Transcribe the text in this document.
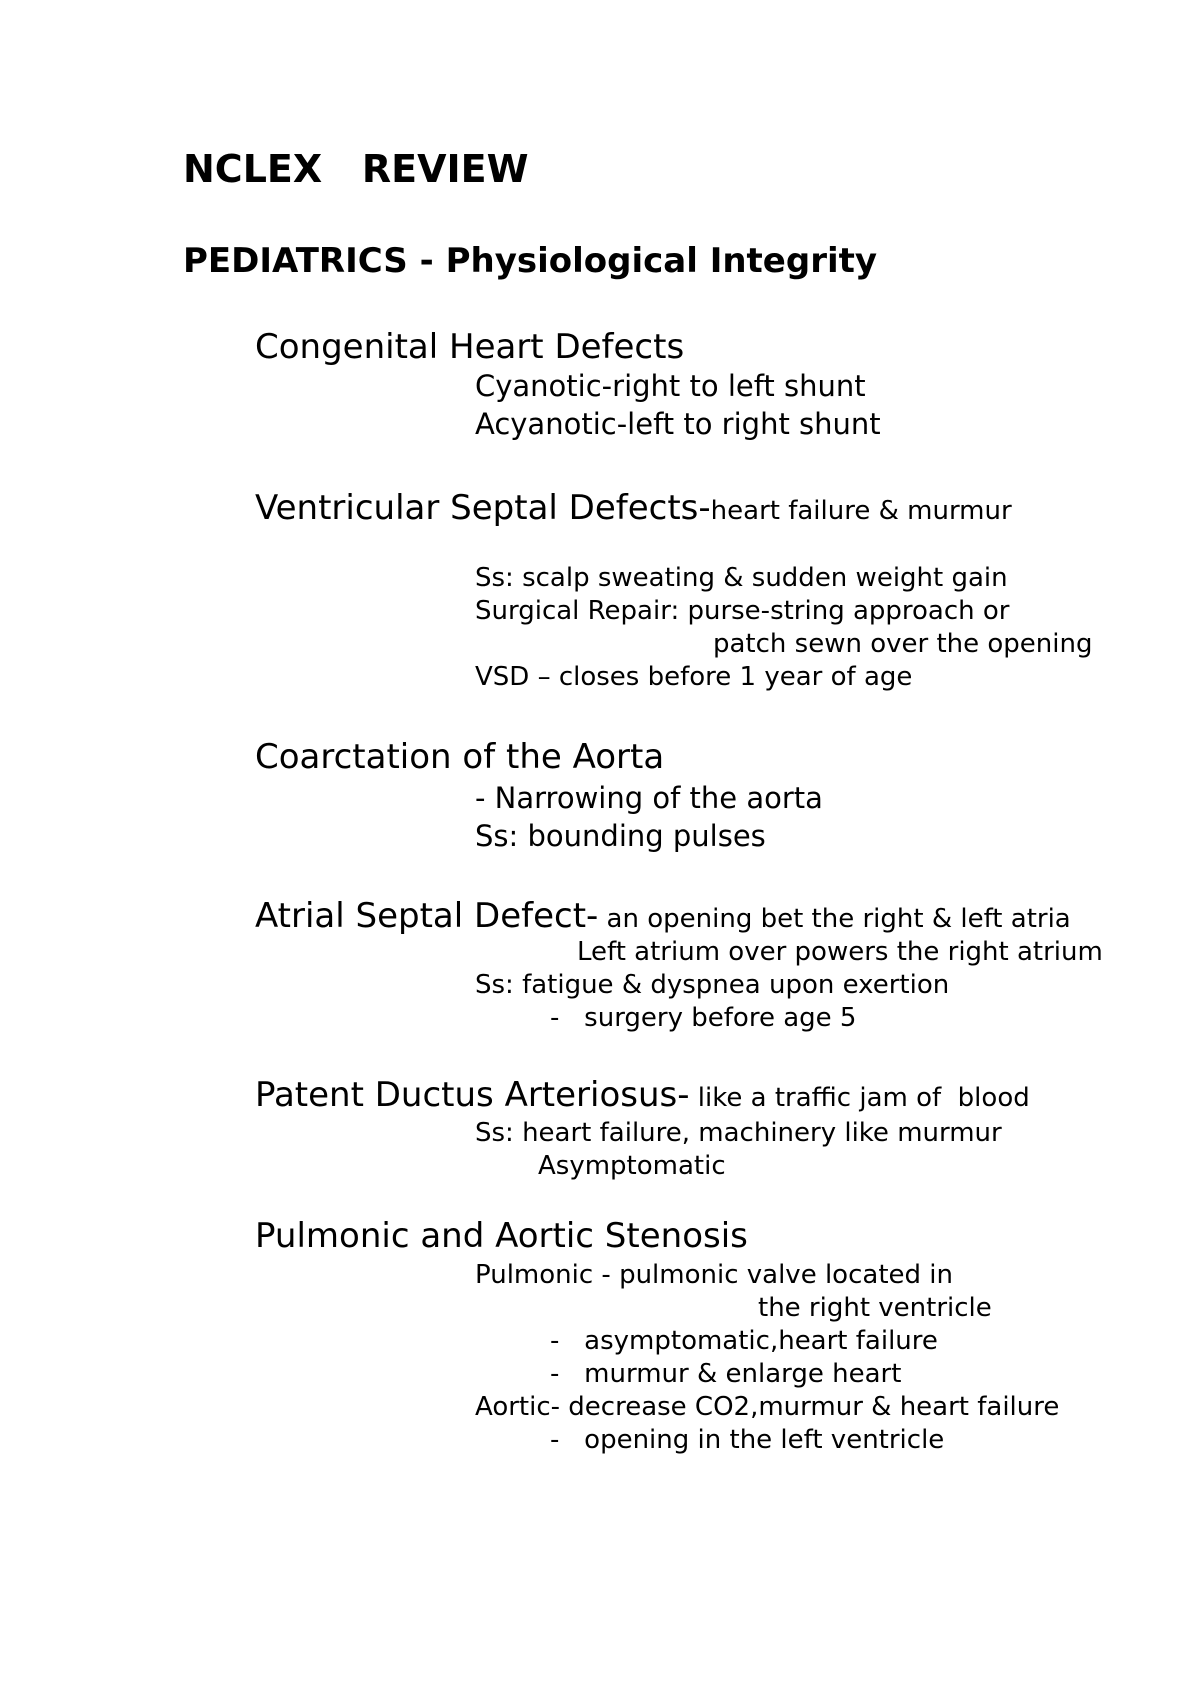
NCLEX   REVIEW
PEDIATRICS - Physiological Integrity
Congenital Heart Defects
Cyanotic-right to left shunt
Acyanotic-left to right shunt
Ventricular Septal Defects-heart failure & murmur
Ss: scalp sweating & sudden weight gain
Surgical Repair: purse-string approach or
patch sewn over the opening
VSD – closes before 1 year of age
Coarctation of the Aorta
- Narrowing of the aorta
Ss: bounding pulses
Atrial Septal Defect- an opening bet the right & left atria
Left atrium over powers the right atrium
Ss: fatigue & dyspnea upon exertion
-   surgery before age 5
Patent Ductus Arteriosus- like a traffic jam of  blood
Ss: heart failure, machinery like murmur
Asymptomatic
Pulmonic and Aortic Stenosis
Pulmonic - pulmonic valve located in
the right ventricle
-   asymptomatic,heart failure
-   murmur & enlarge heart
Aortic- decrease CO2,murmur & heart failure
-   opening in the left ventricle
